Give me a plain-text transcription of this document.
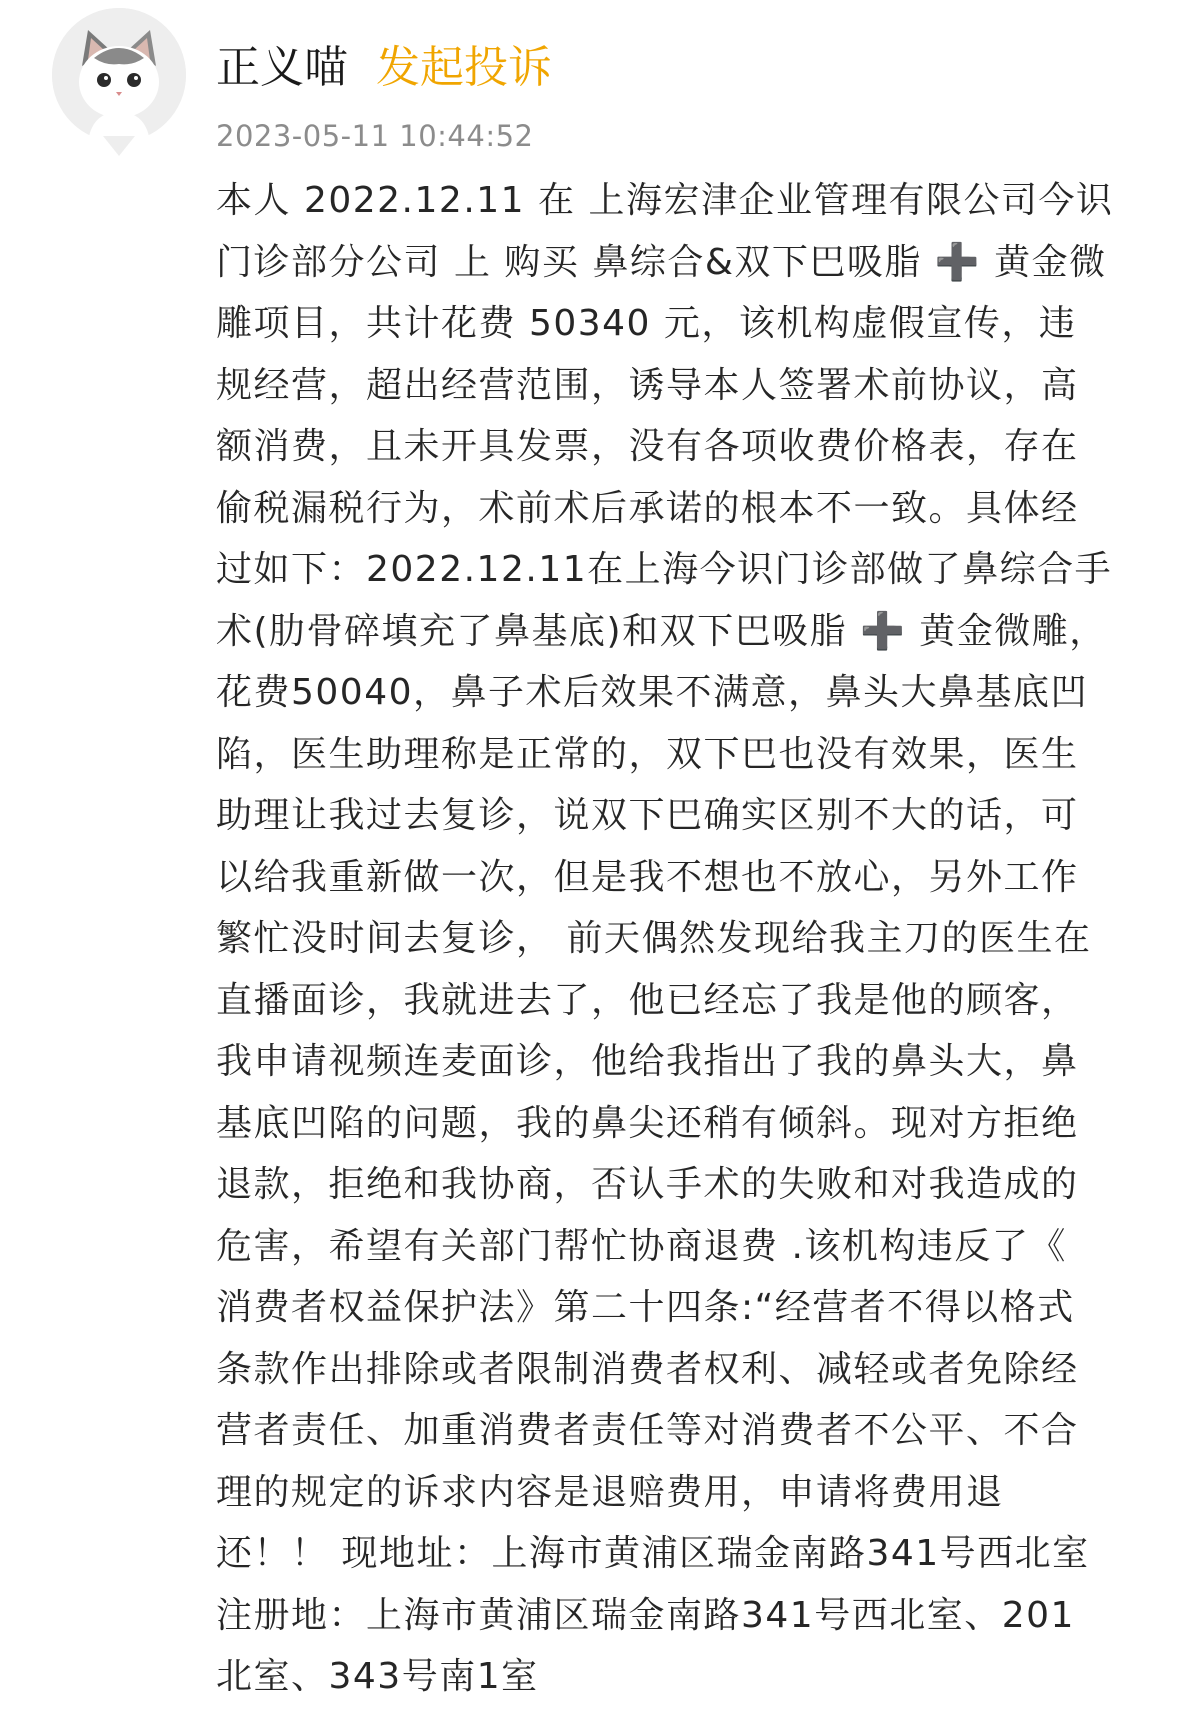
正义喵 发起投诉
2023-05-11 10:44:52
本人 2022.12.11 在 上海宏津企业管理有限公司今识
门诊部分公司 上 购买 鼻综合&双下巴吸脂 ➕ 黄金微
雕项目，共计花费 50340 元，该机构虚假宣传，违
规经营，超出经营范围，诱导本人签署术前协议，高
额消费，且未开具发票，没有各项收费价格表，存在
偷税漏税行为，术前术后承诺的根本不一致。具体经
过如下：2022.12.11在上海今识门诊部做了鼻综合手
术(肋骨碎填充了鼻基底)和双下巴吸脂 ➕ 黄金微雕，
花费50040，鼻子术后效果不满意，鼻头大鼻基底凹
陷，医生助理称是正常的，双下巴也没有效果，医生
助理让我过去复诊，说双下巴确实区别不大的话，可
以给我重新做一次，但是我不想也不放心，另外工作
繁忙没时间去复诊， 前天偶然发现给我主刀的医生在
直播面诊，我就进去了，他已经忘了我是他的顾客，
我申请视频连麦面诊，他给我指出了我的鼻头大，鼻
基底凹陷的问题，我的鼻尖还稍有倾斜。现对方拒绝
退款，拒绝和我协商，否认手术的失败和对我造成的
危害，希望有关部门帮忙协商退费 .该机构违反了《
消费者权益保护法》第二十四条:“经营者不得以格式
条款作出排除或者限制消费者权利、减轻或者免除经
营者责任、加重消费者责任等对消费者不公平、不合
理的规定的诉求内容是退赔费用，申请将费用退
还！！ 现地址：上海市黄浦区瑞金南路341号西北室
注册地：上海市黄浦区瑞金南路341号西北室、201
北室、343号南1室
